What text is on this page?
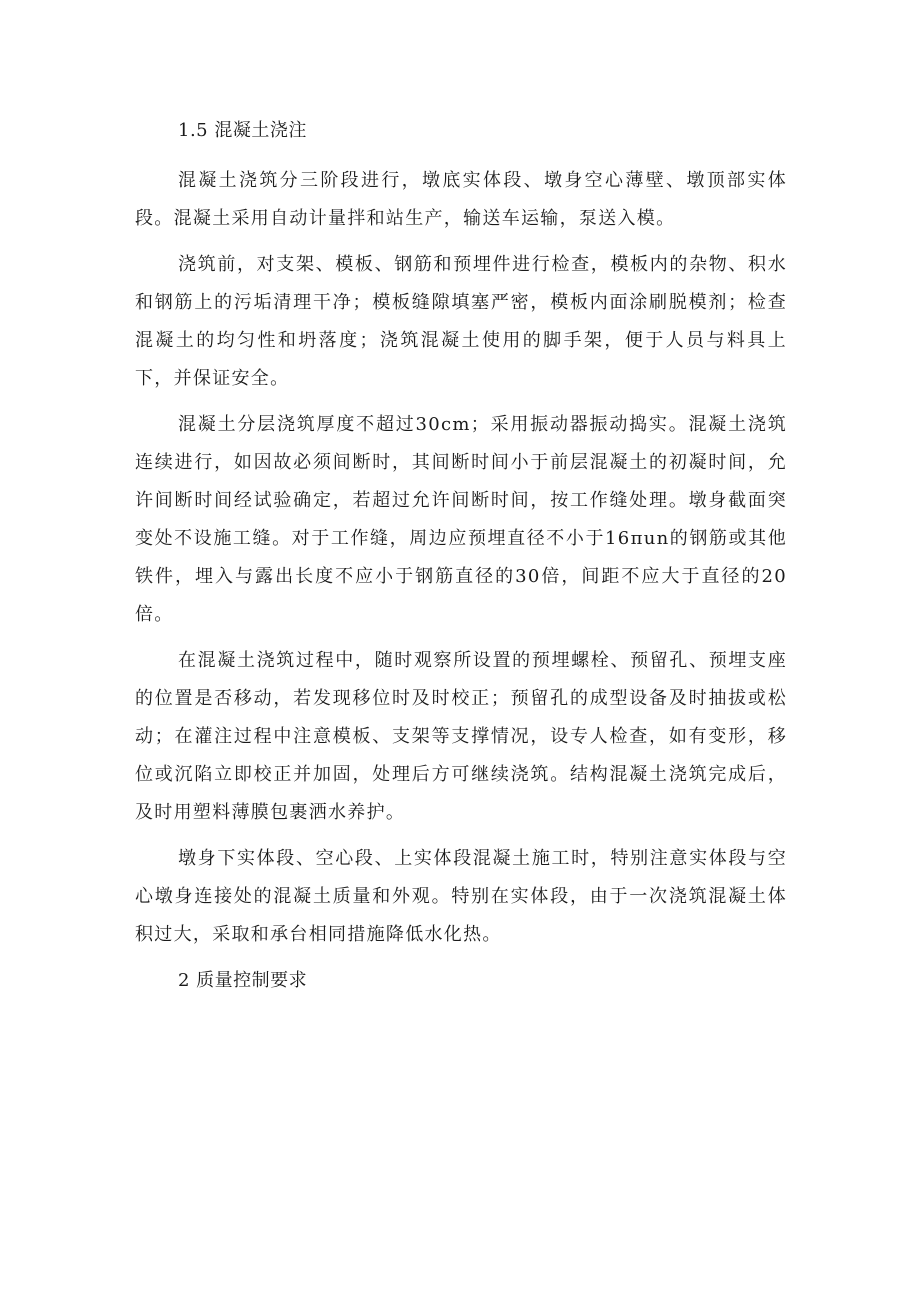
1.5 混凝土浇注

混凝土浇筑分三阶段进行，墩底实体段、墩身空心薄壁、墩顶部实体段。混凝土采用自动计量拌和站生产，输送车运输，泵送入模。

浇筑前，对支架、模板、钢筋和预埋件进行检查，模板内的杂物、积水和钢筋上的污垢清理干净；模板缝隙填塞严密，模板内面涂刷脱模剂；检查混凝土的均匀性和坍落度；浇筑混凝土使用的脚手架，便于人员与料具上下，并保证安全。

混凝土分层浇筑厚度不超过30cm；采用振动器振动捣实。混凝土浇筑连续进行，如因故必须间断时，其间断时间小于前层混凝土的初凝时间，允许间断时间经试验确定，若超过允许间断时间，按工作缝处理。墩身截面突变处不设施工缝。对于工作缝，周边应预埋直径不小于16πun的钢筋或其他铁件，埋入与露出长度不应小于钢筋直径的30倍，间距不应大于直径的20倍。

在混凝土浇筑过程中，随时观察所设置的预埋螺栓、预留孔、预埋支座的位置是否移动，若发现移位时及时校正；预留孔的成型设备及时抽拔或松动；在灌注过程中注意模板、支架等支撑情况，设专人检查，如有变形，移位或沉陷立即校正并加固，处理后方可继续浇筑。结构混凝土浇筑完成后，及时用塑料薄膜包裹洒水养护。

墩身下实体段、空心段、上实体段混凝土施工时，特别注意实体段与空心墩身连接处的混凝土质量和外观。特别在实体段，由于一次浇筑混凝土体积过大，采取和承台相同措施降低水化热。

2 质量控制要求
